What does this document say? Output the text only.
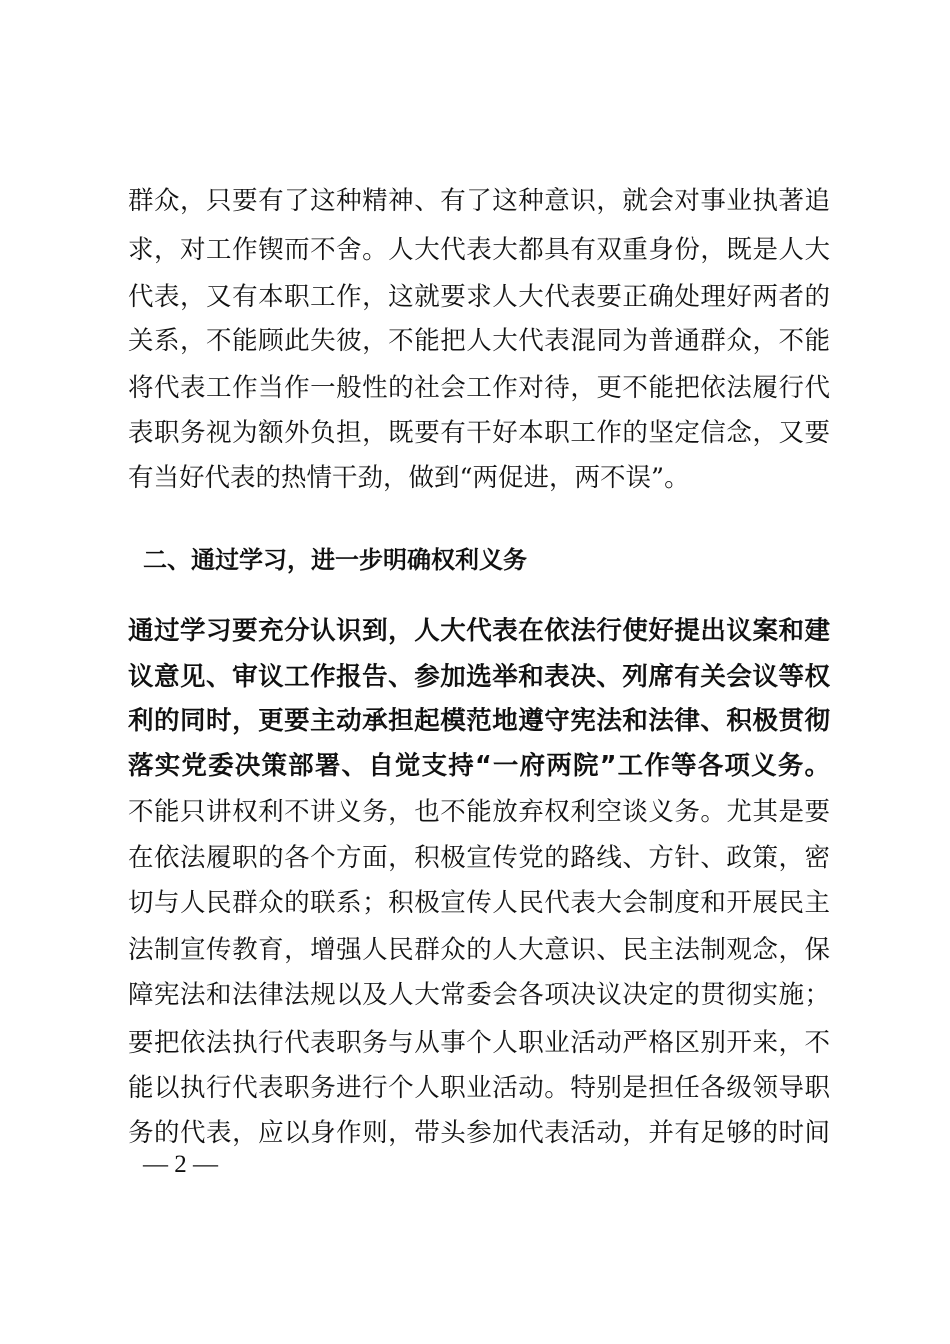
群众，只要有了这种精神、有了这种意识，就会对事业执著追
求，对工作锲而不舍。人大代表大都具有双重身份，既是人大
代表，又有本职工作，这就要求人大代表要正确处理好两者的
关系，不能顾此失彼，不能把人大代表混同为普通群众，不能
将代表工作当作一般性的社会工作对待，更不能把依法履行代
表职务视为额外负担，既要有干好本职工作的坚定信念，又要
有当好代表的热情干劲，做到“两促进，两不误”。
二、通过学习，进一步明确权利义务
通过学习要充分认识到，人大代表在依法行使好提出议案和建
议意见、审议工作报告、参加选举和表决、列席有关会议等权
利的同时，更要主动承担起模范地遵守宪法和法律、积极贯彻
落实党委决策部署、自觉支持“一府两院”工作等各项义务。
不能只讲权利不讲义务，也不能放弃权利空谈义务。尤其是要
在依法履职的各个方面，积极宣传党的路线、方针、政策，密
切与人民群众的联系；积极宣传人民代表大会制度和开展民主
法制宣传教育，增强人民群众的人大意识、民主法制观念，保
障宪法和法律法规以及人大常委会各项决议决定的贯彻实施；
要把依法执行代表职务与从事个人职业活动严格区别开来，不
能以执行代表职务进行个人职业活动。特别是担任各级领导职
务的代表，应以身作则，带头参加代表活动，并有足够的时间
— 2 —
